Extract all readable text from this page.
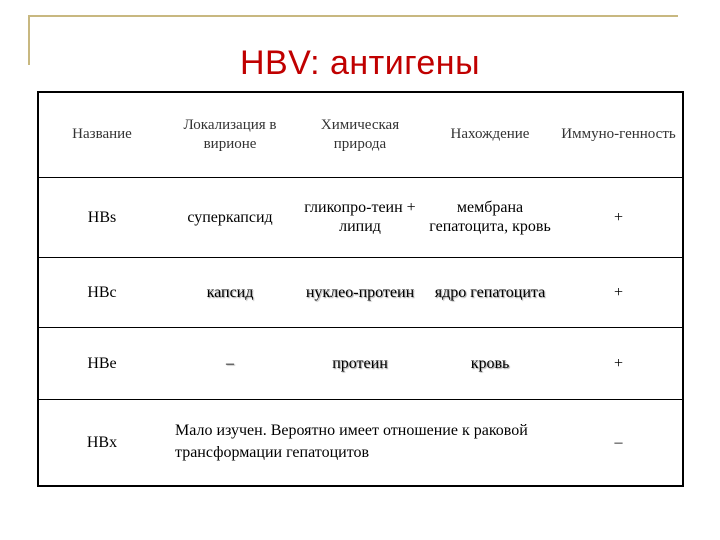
HBV: антигены
Название	Локализация в вирионе	Химическая природа	Нахождение	Иммуно-генность
HBs	суперкапсид	гликопро-теин + липид	мембрана гепатоцита, кровь	+
HBc	капсид	нуклео-протеин	ядро гепатоцита	+
HBe	–	протеин	кровь	+
HBx	Мало изучен. Вероятно имеет отношение к раковой трансформации гепатоцитов			–
